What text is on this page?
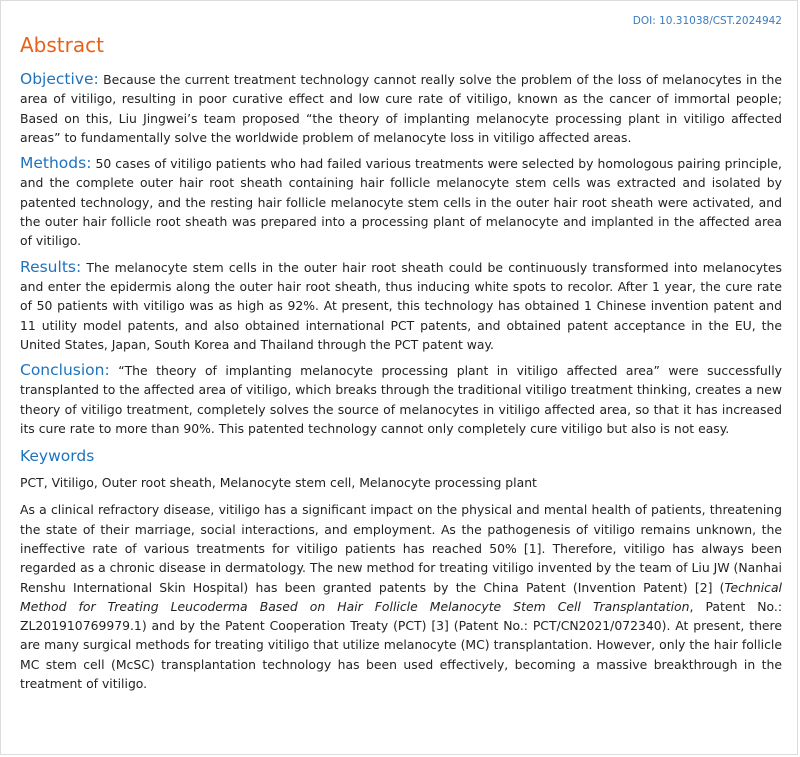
DOI: 10.31038/CST.2024942
Abstract

Objective: Because the current treatment technology cannot really solve the problem of the loss of melanocytes in the area of vitiligo, resulting in poor curative effect and low cure rate of vitiligo, known as the cancer of immortal people; Based on this, Liu Jingwei’s team proposed “the theory of implanting melanocyte processing plant in vitiligo affected areas” to fundamentally solve the worldwide problem of melanocyte loss in vitiligo affected areas.

Methods: 50 cases of vitiligo patients who had failed various treatments were selected by homologous pairing principle, and the complete outer hair root sheath containing hair follicle melanocyte stem cells was extracted and isolated by patented technology, and the resting hair follicle melanocyte stem cells in the outer hair root sheath were activated, and the outer hair follicle root sheath was prepared into a processing plant of melanocyte and implanted in the affected area of vitiligo.

Results: The melanocyte stem cells in the outer hair root sheath could be continuously transformed into melanocytes and enter the epidermis along the outer hair root sheath, thus inducing white spots to recolor. After 1 year, the cure rate of 50 patients with vitiligo was as high as 92%. At present, this technology has obtained 1 Chinese invention patent and 11 utility model patents, and also obtained international PCT patents, and obtained patent acceptance in the EU, the United States, Japan, South Korea and Thailand through the PCT patent way.

Conclusion: “The theory of implanting melanocyte processing plant in vitiligo affected area” were successfully transplanted to the affected area of vitiligo, which breaks through the traditional vitiligo treatment thinking, creates a new theory of vitiligo treatment, completely solves the source of melanocytes in vitiligo affected area, so that it has increased its cure rate to more than 90%. This patented technology cannot only completely cure vitiligo but also is not easy.

Keywords

PCT, Vitiligo, Outer root sheath, Melanocyte stem cell, Melanocyte processing plant

As a clinical refractory disease, vitiligo has a significant impact on the physical and mental health of patients, threatening the state of their marriage, social interactions, and employment. As the pathogenesis of vitiligo remains unknown, the ineffective rate of various treatments for vitiligo patients has reached 50% [1]. Therefore, vitiligo has always been regarded as a chronic disease in dermatology. The new method for treating vitiligo invented by the team of Liu JW (Nanhai Renshu International Skin Hospital) has been granted patents by the China Patent (Invention Patent) [2] (Technical Method for Treating Leucoderma Based on Hair Follicle Melanocyte Stem Cell Transplantation, Patent No.: ZL201910769979.1) and by the Patent Cooperation Treaty (PCT) [3] (Patent No.: PCT/CN2021/072340). At present, there are many surgical methods for treating vitiligo that utilize melanocyte (MC) transplantation. However, only the hair follicle MC stem cell (McSC) transplantation technology has been used effectively, becoming a massive breakthrough in the treatment of vitiligo.
